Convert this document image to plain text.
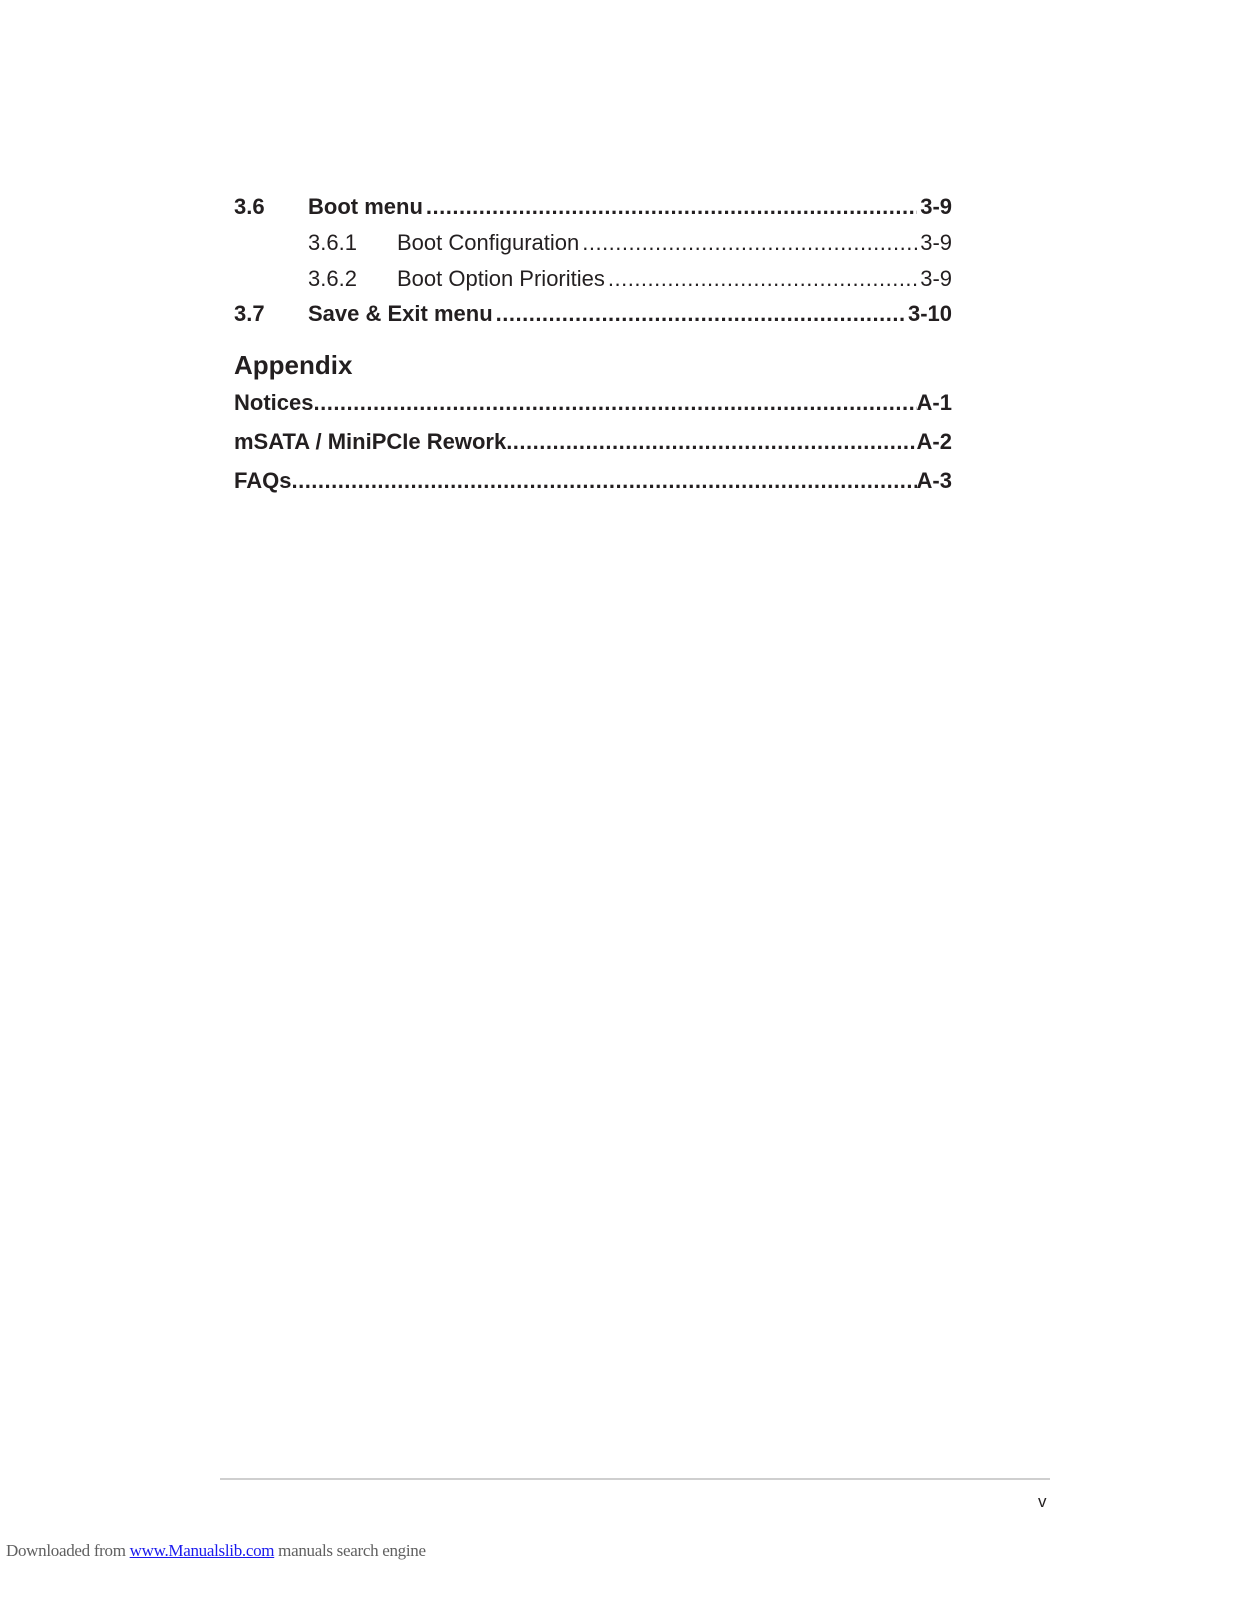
3.6	Boot menu .....	3-9
3.6.1	Boot Configuration .....	3-9
3.6.2	Boot Option Priorities .....	3-9
3.7	Save & Exit menu .....	3-10
Appendix
Notices .....	A-1
mSATA / MiniPCIe Rework .....	A-2
FAQs .....	A-3
v
Downloaded from www.Manualslib.com manuals search engine
